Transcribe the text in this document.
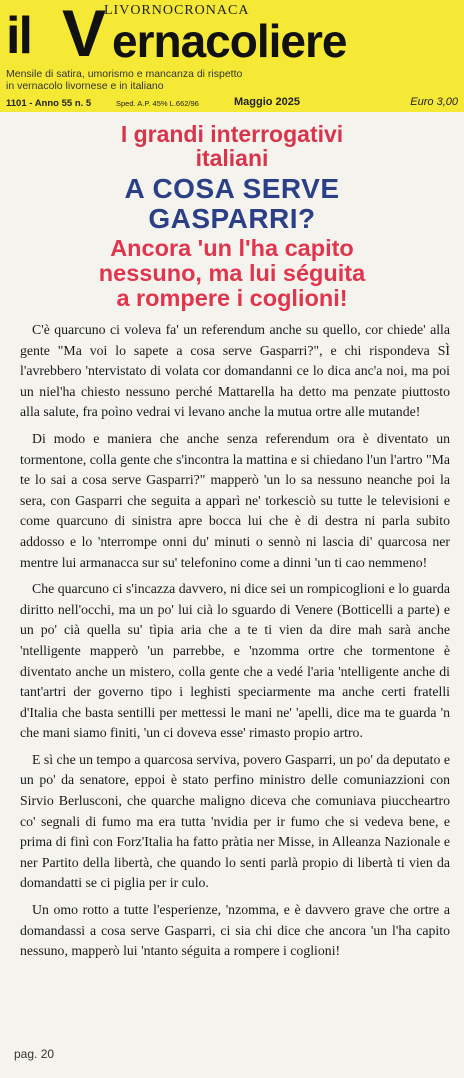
il V ernacoliere
LIVORNOCRONACA
Mensile di satira, umorismo e mancanza di rispetto
in vernacolo livornese e in italiano
1101 - Anno 55 n. 5	Sped. A.P. 45% L.662/96	Maggio 2025	Euro 3,00
I grandi interrogativi
italiani
A COSA SERVE
GASPARRI?
Ancora 'un l'ha capito
nessuno, ma lui séguita
a rompere i coglioni!

C'è quarcuno ci voleva fa' un referendum anche su quello, cor chiede' alla gente "Ma voi lo sapete a cosa serve Gasparri?", e chi rispondeva SÌ l'avrebbero 'ntervistato di volata cor domandanni ce lo dica anc'a noi, ma poi un niel'ha chiesto nessuno perché Mattarella ha detto ma penzate piuttosto alla salute, fra poìno vedrai vi levano anche la mutua ortre alle mutande!

Di modo e maniera che anche senza referendum ora è diventato un tormentone, colla gente che s'incontra la mattina e si chiedano l'un l'artro "Ma te lo sai a cosa serve Gasparri?" mapperò 'un lo sa nessuno neanche poi la sera, con Gasparri che seguita a apparì ne' torkesciò su tutte le televisioni e come quarcuno di sinistra apre bocca lui che è di destra ni parla subito addosso e lo 'nterrompe onni du' minuti o sennò ni lascia di' quarcosa ner mentre lui armanacca sur su' telefonino come a dinni 'un ti cao nemmeno!

Che quarcuno ci s'incazza davvero, ni dice sei un rompicoglioni e lo guarda diritto nell'occhi, ma un po' lui cià lo sguardo di Venere (Botticelli a parte) e un po' cià quella su' tìpia aria che a te ti vien da dire mah sarà anche 'ntelligente mapperò 'un parrebbe, e 'nzomma ortre che tormentone è diventato anche un mistero, colla gente che a vedé l'aria 'ntelligente anche di tant'artri der governo tipo i leghisti speciarmente ma anche certi fratelli d'Italia che basta sentilli per mettessi le mani ne' 'apelli, dice ma te guarda 'n che mani siamo finiti, 'un ci doveva esse' rimasto propio artro.

E sì che un tempo a quarcosa serviva, povero Gasparri, un po' da deputato e un po' da senatore, eppoi è stato perfino ministro delle comuniazzioni con Sirvio Berlusconi, che quarche maligno diceva che comuniava piuccheartro co' segnali di fumo ma era tutta 'nvidia per ir fumo che si vedeva bene, e prima di finì con Forz'Italia ha fatto pràtia ner Misse, in Alleanza Nazionale e ner Partito della libertà, che quando lo senti parlà propio di libertà ti vien da domandatti se ci piglia per ir culo.

Un omo rotto a tutte l'esperienze, 'nzomma, e è davvero grave che ortre a domandassi a cosa serve Gasparri, ci sia chi dice che ancora 'un l'ha capito nessuno, mapperò lui 'ntanto séguita a rompere i coglioni!

pag. 20
